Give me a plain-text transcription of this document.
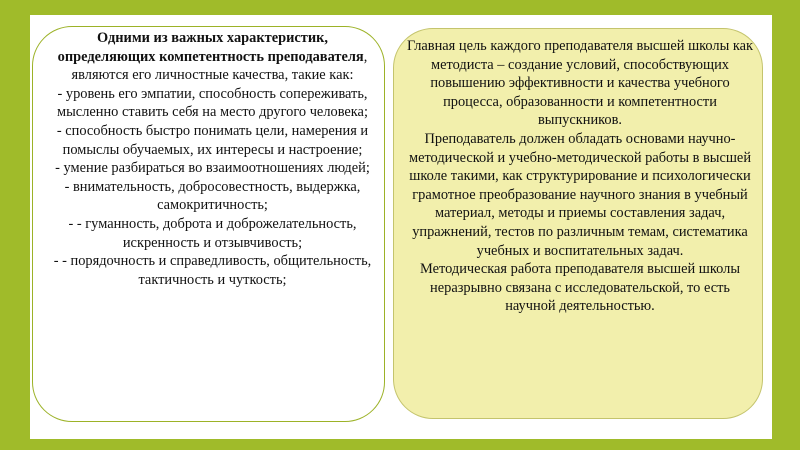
Одними из важных характеристик, определяющих компетентность преподавателя, являются его личностные качества, такие как:

- уровень его эмпатии, способность сопереживать, мысленно ставить себя на место другого человека;

- способность быстро понимать цели, намерения и помыслы обучаемых, их интересы и настроение;

- умение разбираться во взаимоотношениях людей;

- внимательность, добросовестность, выдержка, самокритичность;

- - гуманность, доброта и доброжелательность, искренность и отзывчивость;

- - порядочность и справедливость, общительность, тактичность и чуткость;

Главная цель каждого преподавателя высшей школы как методиста – создание условий, способствующих повышению эффективности и качества учебного процесса, образованности и компетентности выпускников.

Преподаватель должен обладать основами научно-методической и учебно-методической работы в высшей школе такими, как структурирование и психологически грамотное преобразование научного знания в учебный материал, методы и приемы составления задач, упражнений, тестов по различным темам, систематика учебных и воспитательных задач.

Методическая работа преподавателя высшей школы неразрывно связана с исследовательской, то есть научной деятельностью.
